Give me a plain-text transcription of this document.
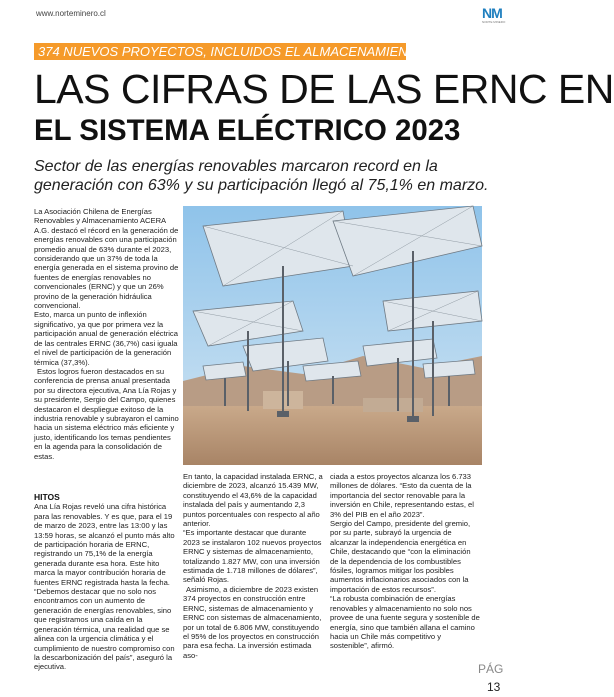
www.norteminero.cl	NM
NORTE MINERO
374 NUEVOS PROYECTOS, INCLUIDOS EL ALMACENAMIENTO
LAS CIFRAS DE LAS ERNC EN
EL SISTEMA ELÉCTRICO 2023
Sector de las energías renovables marcaron record en la generación con 63% y su participación llegó al 75,1% en marzo.

La Asociación Chilena de Energías Renovables y Almacenamiento ACERA A.G. destacó el récord en la generación de energías renovables con una participación promedio anual de 63% durante el 2023, considerando que un 37% de toda la energía generada en el sistema provino de fuentes de energías renovables no convencionales (ERNC) y que un 26% provino de la generación hidráulica convencional.

Esto, marca un punto de inflexión significativo, ya que por primera vez la participación anual de generación eléctrica de las centrales ERNC (36,7%) casi iguala el nivel de participación de la generación térmica (37,3%).

Estos logros fueron destacados en su conferencia de prensa anual presentada por su directora ejecutiva, Ana Lía Rojas y su presidente, Sergio del Campo, quienes destacaron el despliegue exitoso de la industria renovable y subrayaron el camino hacia un sistema eléctrico más eficiente y justo, identificando los temas pendientes en la agenda para la consolidación de estas.

HITOS

Ana Lía Rojas reveló una cifra histórica para las renovables. Y es que, para el 19 de marzo de 2023, entre las 13:00 y las 13:59 horas, se alcanzó el punto más alto de participación horaria de ERNC, registrando un 75,1% de la energía generada durante esa hora. Este hito marca la mayor contribución horaria de fuentes ERNC registrada hasta la fecha.

“Debemos destacar que no solo nos encontramos con un aumento de generación de energías renovables, sino que registramos una caída en la generación térmica, una realidad que se alinea con la urgencia climática y el cumplimiento de nuestro compromiso con la descarbonización del país”, aseguró la ejecutiva.

En tanto, la capacidad instalada ERNC, a diciembre de 2023, alcanzó 15.439 MW, constituyendo el 43,6% de la capacidad instalada del país y aumentando 2,3 puntos porcentuales con respecto al año anterior.

“Es importante destacar que durante 2023 se instalaron 102 nuevos proyectos ERNC y sistemas de almacenamiento, totalizando 1.827 MW, con una inversión estimada de 1.718 millones de dólares”, señaló Rojas.

Asimismo, a diciembre de 2023 existen 374 proyectos en construcción entre ERNC, sistemas de almacenamiento y ERNC con sistemas de almacenamiento, por un total de 6.806 MW, constituyendo el 95% de los proyectos en construcción para esa fecha. La inversión estimada aso-

ciada a estos proyectos alcanza los 6.733 millones de dólares. “Esto da cuenta de la importancia del sector renovable para la inversión en Chile, representando estas, el 3% del PIB en el año 2023”.

Sergio del Campo, presidente del gremio, por su parte, subrayó la urgencia de alcanzar la independencia energética en Chile, destacando que “con la eliminación de la dependencia de los combustibles fósiles, logramos mitigar los posibles aumentos inflacionarios asociados con la importación de estos recursos”.

“La robusta combinación de energías renovables y almacenamiento no solo nos provee de una fuente segura y sostenible de energía, sino que también allana el camino hacia un Chile más competitivo y sostenible”, afirmó.

PÁG
13
